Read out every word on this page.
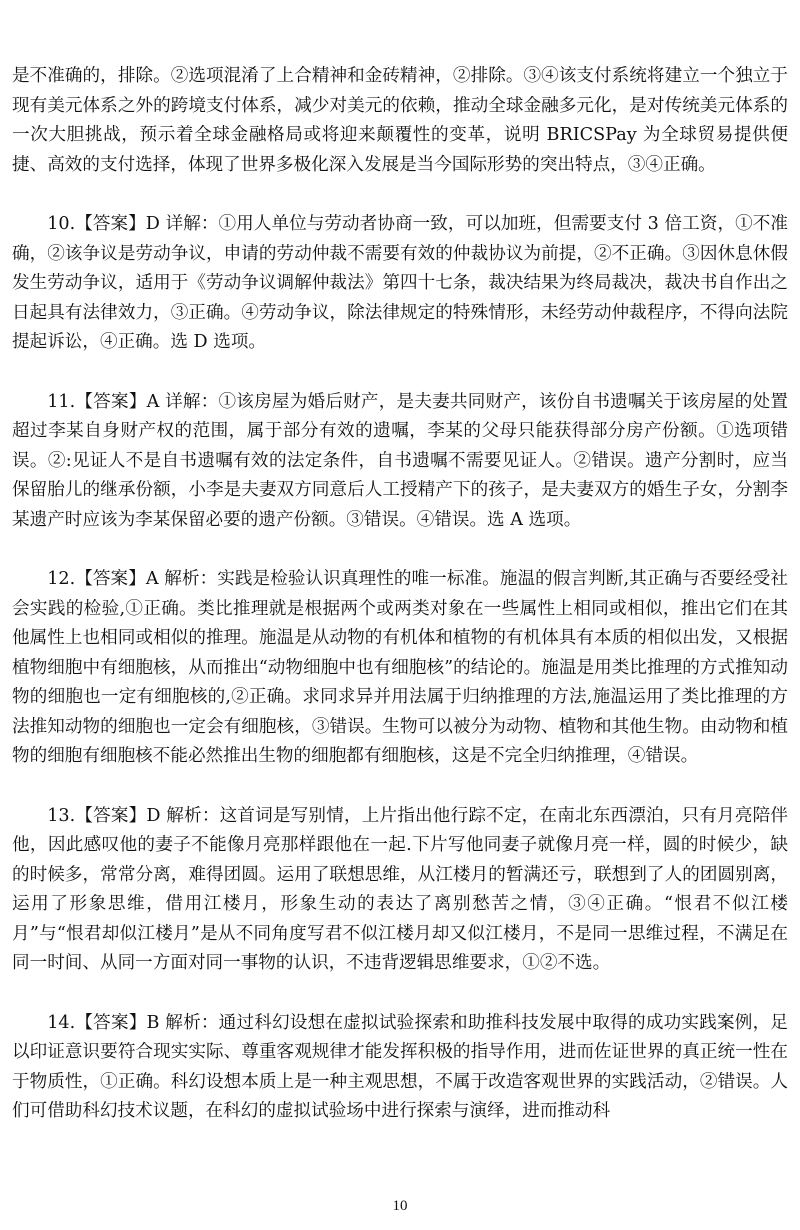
是不准确的，排除。②选项混淆了上合精神和金砖精神，②排除。③④该支付系统将建立一个独立于现有美元体系之外的跨境支付体系，减少对美元的依赖，推动全球金融多元化，是对传统美元体系的一次大胆挑战，预示着全球金融格局或将迎来颠覆性的变革，说明 BRICSPay 为全球贸易提供便捷、高效的支付选择，体现了世界多极化深入发展是当今国际形势的突出特点，③④正确。

10.【答案】D 详解：①用人单位与劳动者协商一致，可以加班，但需要支付 3 倍工资，①不准确，②该争议是劳动争议，申请的劳动仲裁不需要有效的仲裁协议为前提，②不正确。③因休息休假发生劳动争议，适用于《劳动争议调解仲裁法》第四十七条，裁决结果为终局裁决，裁决书自作出之日起具有法律效力，③正确。④劳动争议，除法律规定的特殊情形，未经劳动仲裁程序，不得向法院提起诉讼，④正确。选 D 选项。

11.【答案】A 详解：①该房屋为婚后财产，是夫妻共同财产，该份自书遗嘱关于该房屋的处置超过李某自身财产权的范围，属于部分有效的遗嘱，李某的父母只能获得部分房产份额。①选项错误。②:见证人不是自书遗嘱有效的法定条件，自书遗嘱不需要见证人。②错误。遗产分割时，应当保留胎儿的继承份额，小李是夫妻双方同意后人工授精产下的孩子，是夫妻双方的婚生子女，分割李某遗产时应该为李某保留必要的遗产份额。③错误。④错误。选 A 选项。

12.【答案】A 解析：实践是检验认识真理性的唯一标准。施温的假言判断,其正确与否要经受社会实践的检验,①正确。类比推理就是根据两个或两类对象在一些属性上相同或相似，推出它们在其他属性上也相同或相似的推理。施温是从动物的有机体和植物的有机体具有本质的相似出发，又根据植物细胞中有细胞核，从而推出“动物细胞中也有细胞核”的结论的。施温是用类比推理的方式推知动物的细胞也一定有细胞核的,②正确。求同求异并用法属于归纳推理的方法,施温运用了类比推理的方法推知动物的细胞也一定会有细胞核，③错误。生物可以被分为动物、植物和其他生物。由动物和植物的细胞有细胞核不能必然推出生物的细胞都有细胞核，这是不完全归纳推理，④错误。

13.【答案】D 解析：这首词是写别情，上片指出他行踪不定，在南北东西漂泊，只有月亮陪伴他，因此感叹他的妻子不能像月亮那样跟他在一起.下片写他同妻子就像月亮一样，圆的时候少，缺的时候多，常常分离，难得团圆。运用了联想思维，从江楼月的暂满还亏，联想到了人的团圆别离，运用了形象思维，借用江楼月，形象生动的表达了离别愁苦之情，③④正确。“恨君不似江楼月”与“恨君却似江楼月”是从不同角度写君不似江楼月却又似江楼月，不是同一思维过程，不满足在同一时间、从同一方面对同一事物的认识，不违背逻辑思维要求，①②不选。

14.【答案】B 解析：通过科幻设想在虚拟试验探索和助推科技发展中取得的成功实践案例，足以印证意识要符合现实实际、尊重客观规律才能发挥积极的指导作用，进而佐证世界的真正统一性在于物质性，①正确。科幻设想本质上是一种主观思想，不属于改造客观世界的实践活动，②错误。人们可借助科幻技术议题，在科幻的虚拟试验场中进行探索与演绎，进而推动科

10
